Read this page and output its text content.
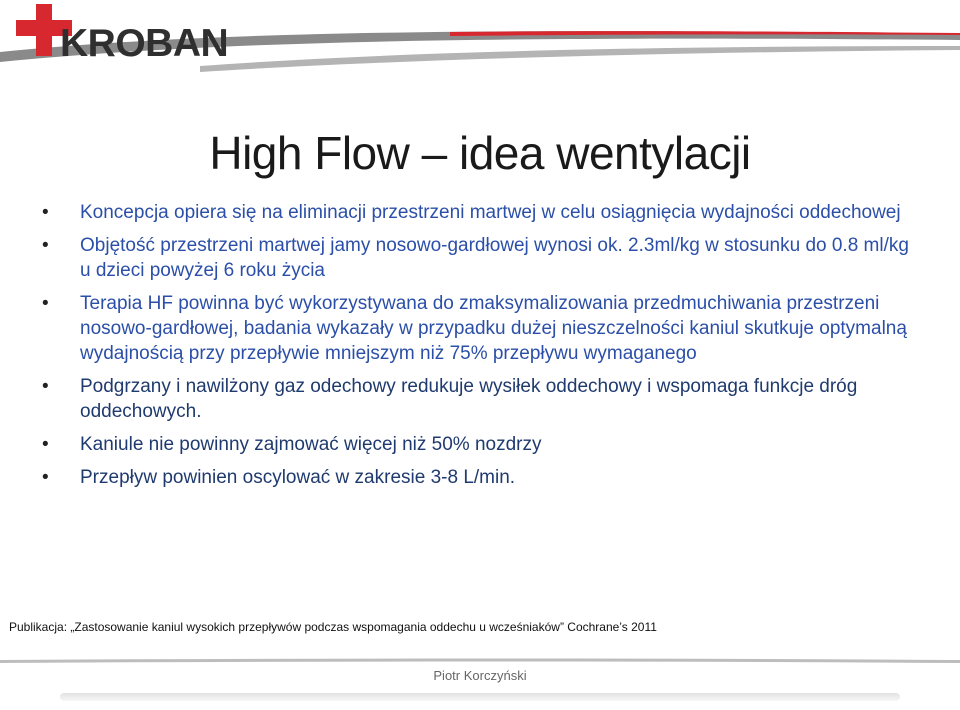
KROBAN
High Flow – idea wentylacji
• Koncepcja opiera się na eliminacji przestrzeni martwej w celu osiągnięcia wydajności oddechowej
• Objętość przestrzeni martwej jamy nosowo-gardłowej wynosi ok. 2.3ml/kg w stosunku do 0.8 ml/kg u dzieci powyżej 6 roku życia
• Terapia HF powinna być wykorzystywana do zmaksymalizowania przedmuchiwania przestrzeni nosowo-gardłowej, badania wykazały w przypadku dużej nieszczelności kaniul skutkuje optymalną wydajnością przy przepływie mniejszym niż 75% przepływu wymaganego
• Podgrzany i nawilżony gaz odechowy redukuje wysiłek oddechowy i wspomaga funkcje dróg oddechowych.
• Kaniule nie powinny zajmować więcej niż 50% nozdrzy
• Przepływ powinien oscylować w zakresie 3-8 L/min.
Publikacja: „Zastosowanie kaniul wysokich przepływów podczas wspomagania oddechu u wcześniaków” Cochrane’s 2011
Piotr Korczyński
